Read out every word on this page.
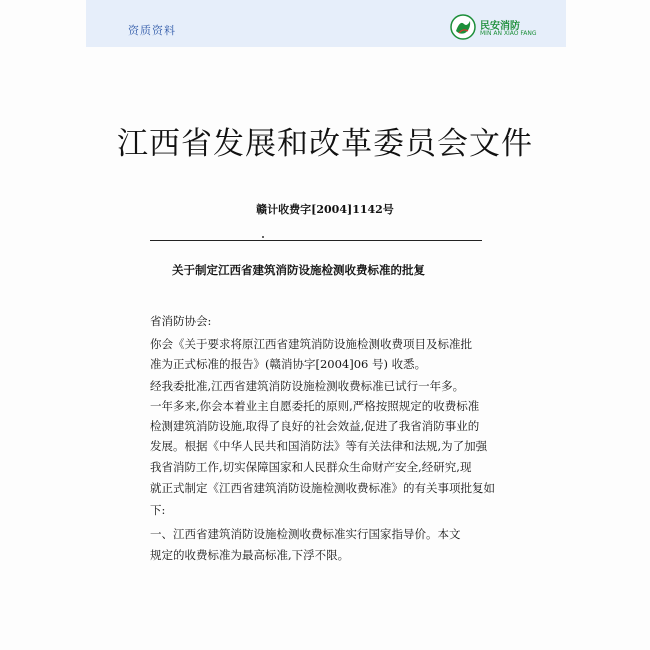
资质资料	民安消防
MIN AN XIAO FANG
江西省发展和改革委员会文件
赣计收费字[2004]1142号
关于制定江西省建筑消防设施检测收费标准的批复
省消防协会:
你会《关于要求将原江西省建筑消防设施检测收费项目及标准批
准为正式标准的报告》(赣消协字[2004]06 号) 收悉。
经我委批准,江西省建筑消防设施检测收费标准已试行一年多。
一年多来,你会本着业主自愿委托的原则,严格按照规定的收费标准
检测建筑消防设施,取得了良好的社会效益,促进了我省消防事业的
发展。根据《中华人民共和国消防法》等有关法律和法规,为了加强
我省消防工作,切实保障国家和人民群众生命财产安全,经研究,现
就正式制定《江西省建筑消防设施检测收费标准》的有关事项批复如
下:
一、江西省建筑消防设施检测收费标准实行国家指导价。本文
规定的收费标准为最高标准,下浮不限。
